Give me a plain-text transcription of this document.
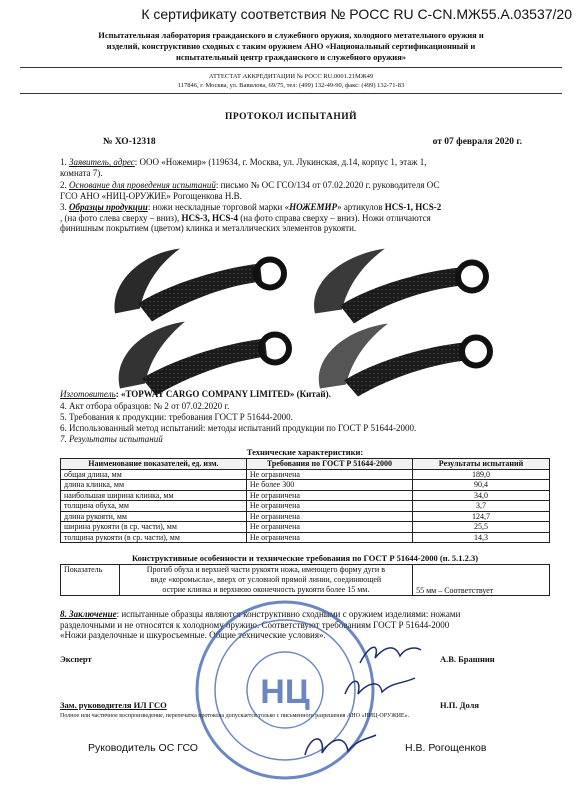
К сертификату соответствия № РОСС RU C-CN.МЖ55.А.03537/20
Испытательная лаборатория гражданского и служебного оружия, холодного метательного оружия и
изделий, конструктивно сходных с таким оружием АНО «Национальный сертификационный и
испытательный центр гражданского и служебного оружия»
АТТЕСТАТ АККРЕДИТАЦИИ № РОСС RU.0001.21МЖ49
117846, г. Москва, ул. Вавилова, 69/75, тел: (499) 132-49-90, факс: (499) 132-71-83
ПРОТОКОЛ ИСПЫТАНИЙ
№ ХО-12318	от 07 февраля 2020 г.
1. Заявитель, адрес: ООО «Ножемир» (119634, г. Москва, ул. Лукинская, д.14, корпус 1, этаж 1,
комната 7).
2. Основание для проведения испытаний: письмо № ОС ГСО/134 от 07.02.2020 г. руководителя ОС
ГСО АНО «НИЦ-ОРУЖИЕ» Рогощенкова Н.В.
3. Образцы продукции: ножи нескладные торговой марки «НОЖЕМИР» артикулов HCS-1, HCS-2
, (на фото слева сверху – вниз), HCS-3, HCS-4 (на фото справа сверху – вниз). Ножи отличаются
финишным покрытием (цветом) клинка и металлических элементов рукояти.
Изготовитель: «TOPWAY CARGO COMPANY LIMITED» (Китай).
4. Акт отбора образцов: № 2 от 07.02.2020 г.
5. Требования к продукции: требования ГОСТ Р 51644-2000.
6. Использованный метод испытаний: методы испытаний продукции по ГОСТ Р 51644-2000.
7. Результаты испытаний
Технические характеристики:
Наименование показателей, ед. изм.	Требования по ГОСТ Р 51644-2000	Результаты испытаний
общая длина, мм	Не ограничена	189,0
длина клинка, мм	Не более 300	90,4
наибольшая ширина клинка, мм	Не ограничена	34,0
толщина обуха, мм	Не ограничена	3,7
длина рукояти, мм	Не ограничена	124,7
ширина рукояти (в ср. части), мм	Не ограничена	25,5
толщина рукояти (в ср. части), мм	Не ограничена	14,3
Конструктивные особенности и технические требования по ГОСТ Р 51644-2000 (п. 5.1.2.3)
Показатель	Прогиб обуха и верхней части рукояти ножа, имеющего форму дуги в
виде «коромысла», вверх от условной прямой линии, соединяющей
острие клинка и верхнюю оконечность рукояти более 15 мм.	55 мм – Соответствует
8. Заключение: испытанные образцы являются конструктивно сходными с оружием изделиями: ножами
разделочными и не относятся к холодному оружию. Соответствуют требованиям ГОСТ Р 51644-2000
«Ножи разделочные и шкуросъемные. Общие технические условия».
НЦ
Эксперт	А.В. Брашнин
Зам. руководителя ИЛ ГСО	Н.П. Доля
Полное или частичное воспроизведение, перепечатка протокола допускается только с письменного разрешения АНО «НИЦ-ОРУЖИЕ».
Руководитель ОС ГСО	Н.В. Рогощенков
